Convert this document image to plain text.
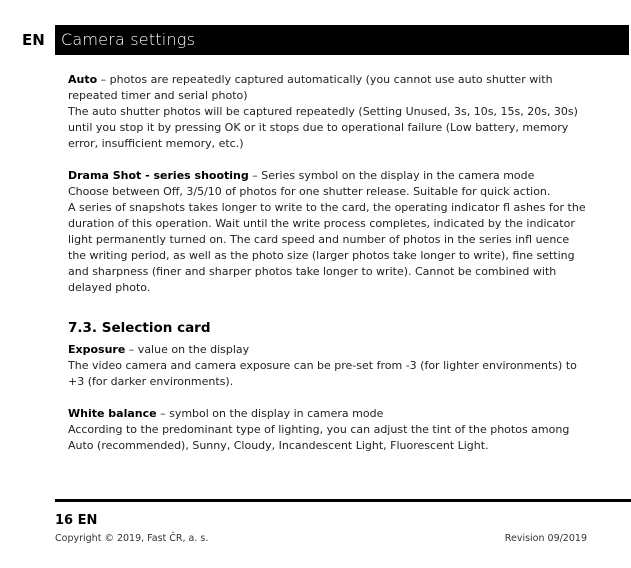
EN Camera settings

Auto – photos are repeatedly captured automatically (you cannot use auto shutter with repeated timer and serial photo)

The auto shutter photos will be captured repeatedly (Setting Unused, 3s, 10s, 15s, 20s, 30s) until you stop it by pressing OK or it stops due to operational failure (Low battery, memory error, insufficient memory, etc.)

Drama Shot - series shooting – Series symbol on the display in the camera mode

Choose between Off, 3/5/10 of photos for one shutter release. Suitable for quick action.

A series of snapshots takes longer to write to the card, the operating indicator fl ashes for the duration of this operation. Wait until the write process completes, indicated by the indicator light permanently turned on. The card speed and number of photos in the series infl uence the writing period, as well as the photo size (larger photos take longer to write), fine setting and sharpness (finer and sharper photos take longer to write). Cannot be combined with delayed photo.

7.3. Selection card

Exposure – value on the display

The video camera and camera exposure can be pre-set from -3 (for lighter environments) to +3 (for darker environments).

White balance – symbol on the display in camera mode

According to the predominant type of lighting, you can adjust the tint of the photos among Auto (recommended), Sunny, Cloudy, Incandescent Light, Fluorescent Light.

16 EN
Copyright © 2019, Fast ČR, a. s.	Revision 09/2019
